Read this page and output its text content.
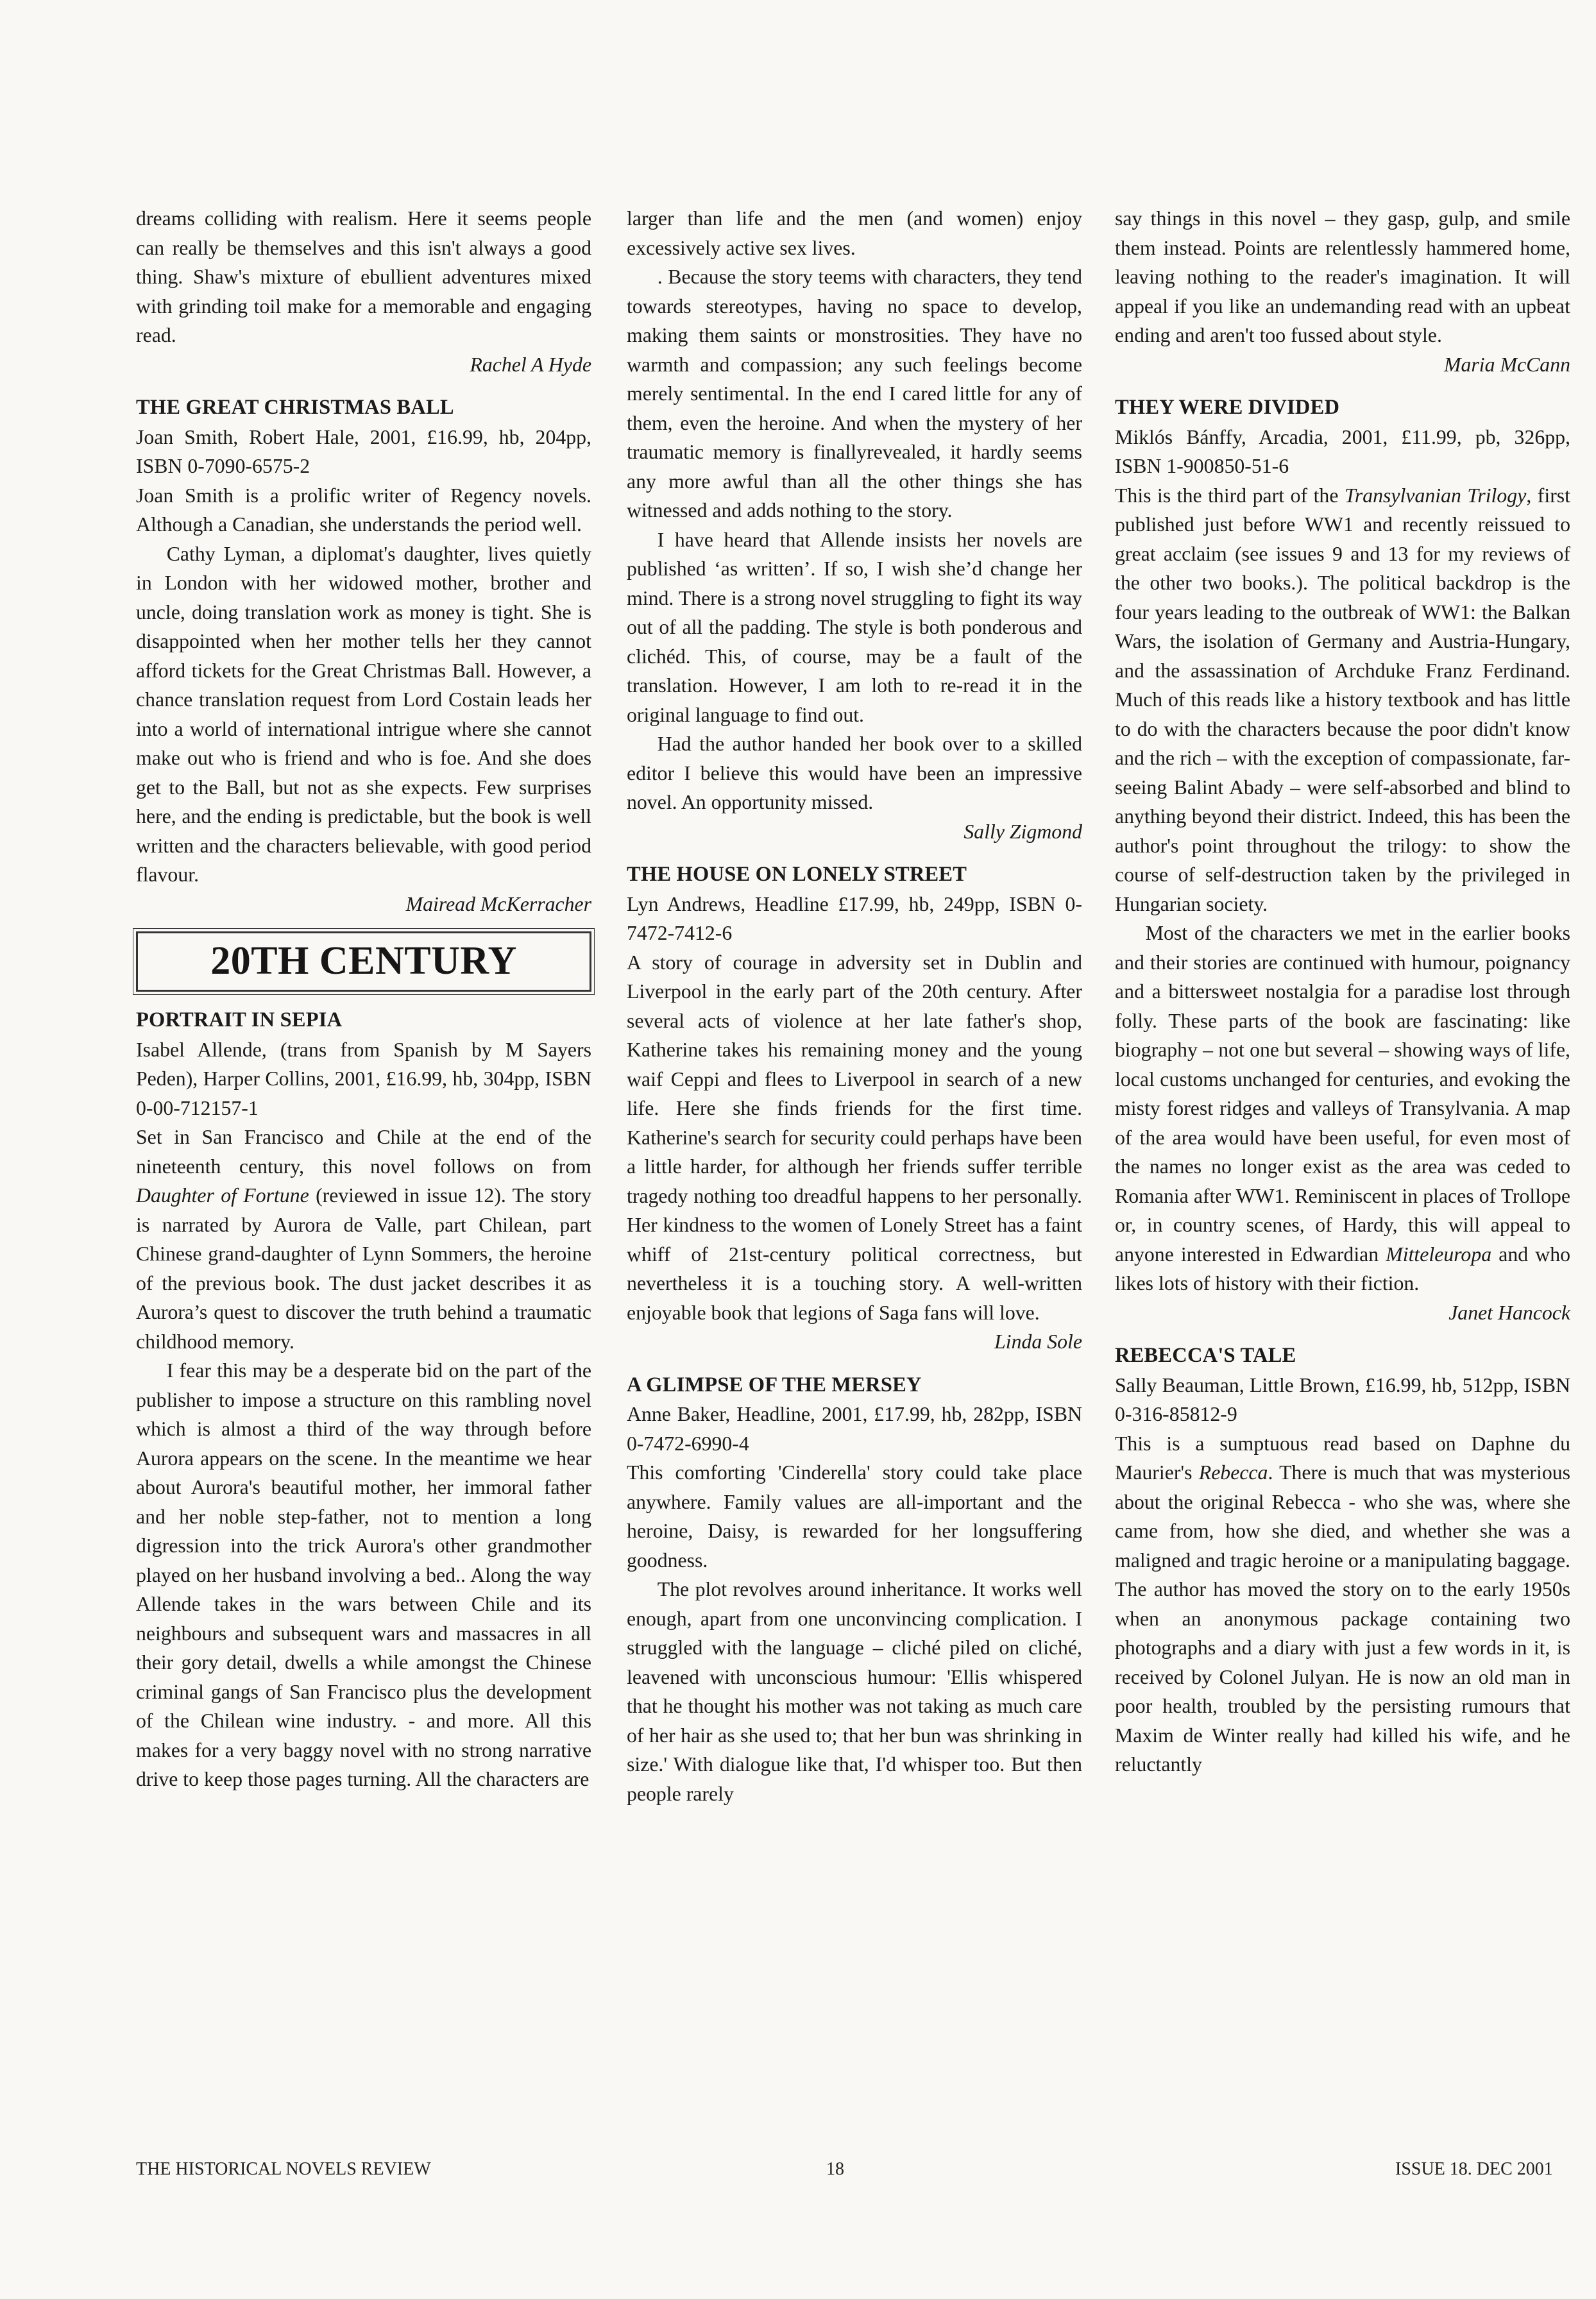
dreams colliding with realism. Here it seems people can really be themselves and this isn't always a good thing. Shaw's mixture of ebullient adventures mixed with grinding toil make for a memorable and engaging read.

Rachel A Hyde

THE GREAT CHRISTMAS BALL

Joan Smith, Robert Hale, 2001, £16.99, hb, 204pp, ISBN 0-7090-6575-2

Joan Smith is a prolific writer of Regency novels. Although a Canadian, she understands the period well.

Cathy Lyman, a diplomat's daughter, lives quietly in London with her widowed mother, brother and uncle, doing translation work as money is tight. She is disappointed when her mother tells her they cannot afford tickets for the Great Christmas Ball. However, a chance translation request from Lord Costain leads her into a world of international intrigue where she cannot make out who is friend and who is foe. And she does get to the Ball, but not as she expects. Few surprises here, and the ending is predictable, but the book is well written and the characters believable, with good period flavour.

Mairead McKerracher

20TH CENTURY
PORTRAIT IN SEPIA

Isabel Allende, (trans from Spanish by M Sayers Peden), Harper Collins, 2001, £16.99, hb, 304pp, ISBN 0-00-712157-1

Set in San Francisco and Chile at the end of the nineteenth century, this novel follows on from Daughter of Fortune (reviewed in issue 12). The story is narrated by Aurora de Valle, part Chilean, part Chinese grand-daughter of Lynn Sommers, the heroine of the previous book. The dust jacket describes it as Aurora’s quest to discover the truth behind a traumatic childhood memory.

I fear this may be a desperate bid on the part of the publisher to impose a structure on this rambling novel which is almost a third of the way through before Aurora appears on the scene. In the meantime we hear about Aurora's beautiful mother, her immoral father and her noble step-father, not to mention a long digression into the trick Aurora's other grandmother played on her husband involving a bed.. Along the way Allende takes in the wars between Chile and its neighbours and subsequent wars and massacres in all their gory detail, dwells a while amongst the Chinese criminal gangs of San Francisco plus the development of the Chilean wine industry. - and more. All this makes for a very baggy novel with no strong narrative drive to keep those pages turning. All the characters are

larger than life and the men (and women) enjoy excessively active sex lives.

. Because the story teems with characters, they tend towards stereotypes, having no space to develop, making them saints or monstrosities. They have no warmth and compassion; any such feelings become merely sentimental. In the end I cared little for any of them, even the heroine. And when the mystery of her traumatic memory is finallyrevealed, it hardly seems any more awful than all the other things she has witnessed and adds nothing to the story.

I have heard that Allende insists her novels are published ‘as written’. If so, I wish she’d change her mind. There is a strong novel struggling to fight its way out of all the padding. The style is both ponderous and clichéd. This, of course, may be a fault of the translation. However, I am loth to re-read it in the original language to find out.

Had the author handed her book over to a skilled editor I believe this would have been an impressive novel. An opportunity missed.

Sally Zigmond

THE HOUSE ON LONELY STREET

Lyn Andrews, Headline £17.99, hb, 249pp, ISBN 0-7472-7412-6

A story of courage in adversity set in Dublin and Liverpool in the early part of the 20th century. After several acts of violence at her late father's shop, Katherine takes his remaining money and the young waif Ceppi and flees to Liverpool in search of a new life. Here she finds friends for the first time. Katherine's search for security could perhaps have been a little harder, for although her friends suffer terrible tragedy nothing too dreadful happens to her personally. Her kindness to the women of Lonely Street has a faint whiff of 21st-century political correctness, but nevertheless it is a touching story. A well-written enjoyable book that legions of Saga fans will love.

Linda Sole

A GLIMPSE OF THE MERSEY

Anne Baker, Headline, 2001, £17.99, hb, 282pp, ISBN 0-7472-6990-4

This comforting 'Cinderella' story could take place anywhere. Family values are all-important and the heroine, Daisy, is rewarded for her longsuffering goodness.

The plot revolves around inheritance. It works well enough, apart from one unconvincing complication. I struggled with the language – cliché piled on cliché, leavened with unconscious humour: 'Ellis whispered that he thought his mother was not taking as much care of her hair as she used to; that her bun was shrinking in size.' With dialogue like that, I'd whisper too. But then people rarely

say things in this novel – they gasp, gulp, and smile them instead. Points are relentlessly hammered home, leaving nothing to the reader's imagination. It will appeal if you like an undemanding read with an upbeat ending and aren't too fussed about style.

Maria McCann

THEY WERE DIVIDED

Miklós Bánffy, Arcadia, 2001, £11.99, pb, 326pp, ISBN 1-900850-51-6

This is the third part of the Transylvanian Trilogy, first published just before WW1 and recently reissued to great acclaim (see issues 9 and 13 for my reviews of the other two books.). The political backdrop is the four years leading to the outbreak of WW1: the Balkan Wars, the isolation of Germany and Austria-Hungary, and the assassination of Archduke Franz Ferdinand. Much of this reads like a history textbook and has little to do with the characters because the poor didn't know and the rich – with the exception of compassionate, far-seeing Balint Abady – were self-absorbed and blind to anything beyond their district. Indeed, this has been the author's point throughout the trilogy: to show the course of self-destruction taken by the privileged in Hungarian society.

Most of the characters we met in the earlier books and their stories are continued with humour, poignancy and a bittersweet nostalgia for a paradise lost through folly. These parts of the book are fascinating: like biography – not one but several – showing ways of life, local customs unchanged for centuries, and evoking the misty forest ridges and valleys of Transylvania. A map of the area would have been useful, for even most of the names no longer exist as the area was ceded to Romania after WW1. Reminiscent in places of Trollope or, in country scenes, of Hardy, this will appeal to anyone interested in Edwardian Mitteleuropa and who likes lots of history with their fiction.

Janet Hancock

REBECCA'S TALE

Sally Beauman, Little Brown, £16.99, hb, 512pp, ISBN 0-316-85812-9

This is a sumptuous read based on Daphne du Maurier's Rebecca. There is much that was mysterious about the original Rebecca - who she was, where she came from, how she died, and whether she was a maligned and tragic heroine or a manipulating baggage. The author has moved the story on to the early 1950s when an anonymous package containing two photographs and a diary with just a few words in it, is received by Colonel Julyan. He is now an old man in poor health, troubled by the persisting rumours that Maxim de Winter really had killed his wife, and he reluctantly

THE HISTORICAL NOVELS REVIEW	18	ISSUE 18. DEC 2001
